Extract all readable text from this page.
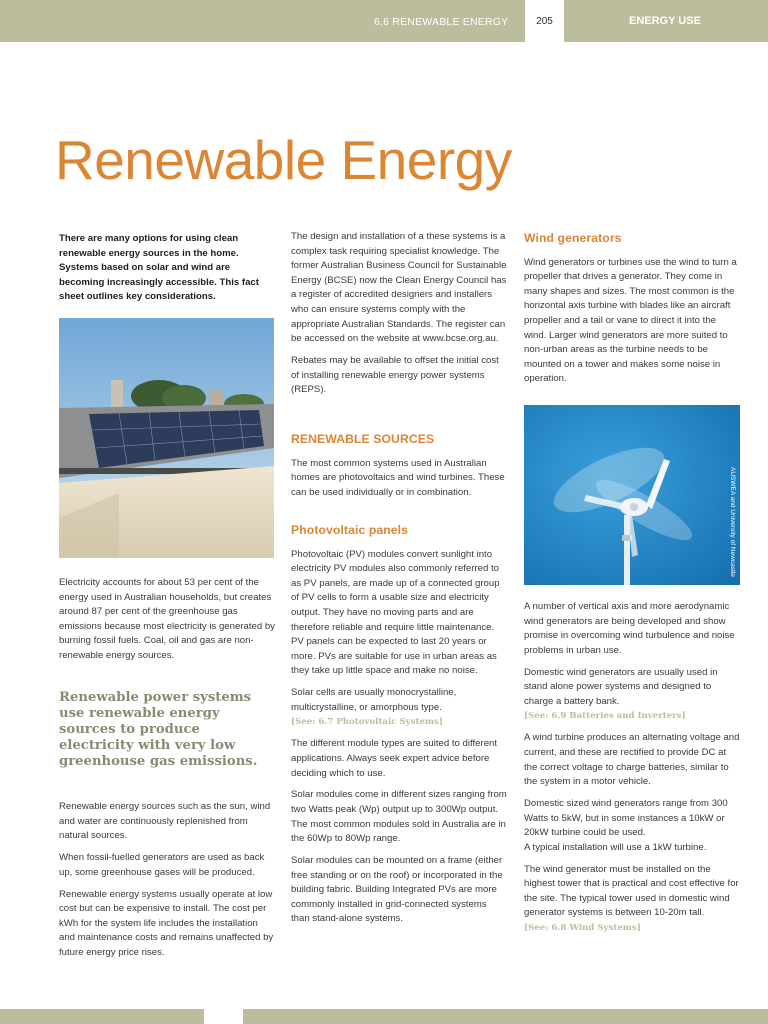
6.6 RENEWABLE ENERGY	205	ENERGY USE
Renewable Energy

There are many options for using clean renewable energy sources in the home. Systems based on solar and wind are becoming increasingly accessible. This fact sheet outlines key considerations.

Electricity accounts for about 53 per cent of the energy used in Australian households, but creates around 87 per cent of the greenhouse gas emissions because most electricity is generated by burning fossil fuels. Coal, oil and gas are non-renewable energy sources.

Renewable power systems use renewable energy sources to produce electricity with very low greenhouse gas emissions.

Renewable energy sources such as the sun, wind and water are continuously replenished from natural sources.

When fossil-fuelled generators are used as back up, some greenhouse gases will be produced.

Renewable energy systems usually operate at low cost but can be expensive to install. The cost per kWh for the system life includes the installation and maintenance costs and remains unaffected by future energy price rises.

The design and installation of a these systems is a complex task requiring specialist knowledge. The former Australian Business Council for Sustainable Energy (BCSE) now the Clean Energy Council has a register of accredited designers and installers who can ensure systems comply with the appropriate Australian Standards. The register can be accessed on the website at www.bcse.org.au.

Rebates may be available to offset the initial cost of installing renewable energy power systems (REPS).

RENEWABLE SOURCES

The most common systems used in Australian homes are photovoltaics and wind turbines. These can be used individually or in combination.

Photovoltaic panels

Photovoltaic (PV) modules convert sunlight into electricity PV modules also commonly referred to as PV panels, are made up of a connected group of PV cells to form a usable size and electricity output. They have no moving parts and are therefore reliable and require little maintenance. PV panels can be expected to last 20 years or more. PVs are suitable for use in urban areas as they take up little space and make no noise.

Solar cells are usually monocrystalline, multicrystalline, or amorphous type.

[See: 6.7 Photovoltaic Systems]

The different module types are suited to different applications. Always seek expert advice before deciding which to use.

Solar modules come in different sizes ranging from two Watts peak (Wp) output up to 300Wp output. The most common modules sold in Australia are in the 60Wp to 80Wp range.

Solar modules can be mounted on a frame (either free standing or on the roof) or incorporated in the building fabric. Building Integrated PVs are more commonly installed in grid-connected systems than stand-alone systems.

Wind generators

Wind generators or turbines use the wind to turn a propeller that drives a generator. They come in many shapes and sizes. The most common is the horizontal axis turbine with blades like an aircraft propeller and a tail or vane to direct it into the wind. Larger wind generators are more suited to non-urban areas as the turbine needs to be mounted on a tower and makes some noise in operation.

AUSWEA and University of Newcastle

A number of vertical axis and more aerodynamic wind generators are being developed and show promise in overcoming wind turbulence and noise problems in urban use.

Domestic wind generators are usually used in stand alone power systems and designed to charge a battery bank.

[See: 6.9 Batteries and Inverters]

A wind turbine produces an alternating voltage and current, and these are rectified to provide DC at the correct voltage to charge batteries, similar to the system in a motor vehicle.

Domestic sized wind generators range from 300 Watts to 5kW, but in some instances a 10kW or 20kW turbine could be used.

A typical installation will use a 1kW turbine.

The wind generator must be installed on the highest tower that is practical and cost effective for the site. The typical tower used in domestic wind generator systems is between 10-20m tall.

[See: 6.8 Wind Systems]
